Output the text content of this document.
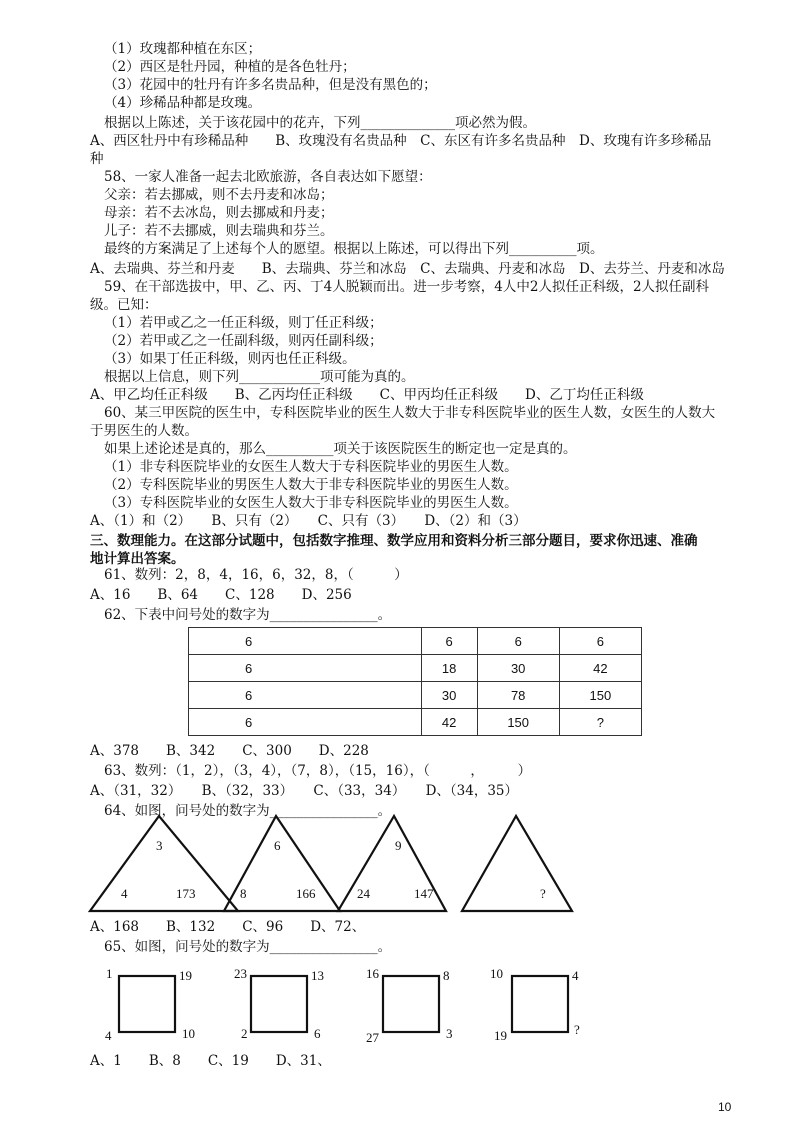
（1）玫瑰都种植在东区；
（2）西区是牡丹园，种植的是各色牡丹；
（3）花园中的牡丹有许多名贵品种，但是没有黑色的；
（4）珍稀品种都是玫瑰。
根据以上陈述，关于该花园中的花卉，下列______________项必然为假。
A、西区牡丹中有珍稀品种　　B、玫瑰没有名贵品种　C、东区有许多名贵品种　D、玫瑰有许多珍稀品
种
58、一家人准备一起去北欧旅游，各自表达如下愿望：
父亲：若去挪威，则不去丹麦和冰岛；
母亲：若不去冰岛，则去挪威和丹麦；
儿子：若不去挪威，则去瑞典和芬兰。
最终的方案满足了上述每个人的愿望。根据以上陈述，可以得出下列__________项。
A、去瑞典、芬兰和丹麦　　B、去瑞典、芬兰和冰岛　C、去瑞典、丹麦和冰岛　D、去芬兰、丹麦和冰岛
59、在干部选拔中，甲、乙、丙、丁4人脱颖而出。进一步考察，4人中2人拟任正科级，2人拟任副科
级。已知：
（1）若甲或乙之一任正科级，则丁任正科级；
（2）若甲或乙之一任副科级，则丙任副科级；
（3）如果丁任正科级，则丙也任正科级。
根据以上信息，则下列____________项可能为真的。
A、甲乙均任正科级　　B、乙丙均任正科级　　C、甲丙均任正科级　　D、乙丁均任正科级
60、某三甲医院的医生中，专科医院毕业的医生人数大于非专科医院毕业的医生人数，女医生的人数大
于男医生的人数。
如果上述论述是真的，那么__________项关于该医院医生的断定也一定是真的。
（1）非专科医院毕业的女医生人数大于专科医院毕业的男医生人数。
（2）专科医院毕业的男医生人数大于非专科医院毕业的男医生人数。
（3）专科医院毕业的女医生人数大于非专科医院毕业的男医生人数。
A、（1）和（2）　　B、只有（2）　　C、只有（3）　　D、（2）和（3）
三、数理能力。在这部分试题中，包括数字推理、数学应用和资料分析三部分题目，要求你迅速、准确
地计算出答案。
61、数列：2，8，4，16，6，32，8，（　　　）
A、16　　B、64　　C、128　　D、256
62、下表中问号处的数字为________________。
6	6	6	6
6	18	30	42
6	30	78	150
6	42	150	?
A、378　　B、342　　C、300　　D、228
63、数列：（1，2），（3，4），（7，8），（15，16），（　　　，　　　）
A、（31，32）　　B、（32，33）　　C、（33，34）　　D、（34，35）
64、如图，问号处的数字为________________。
3
4	173
6
8	166
9
24	147	?
A、168　　B、132　　C、96　　D、72、
65、如图，问号处的数字为________________。
1	19
4	10
23	13
2	6
16	8
27	3
10	4
19	?
A、1　　B、8　　C、19　　D、31、
10
